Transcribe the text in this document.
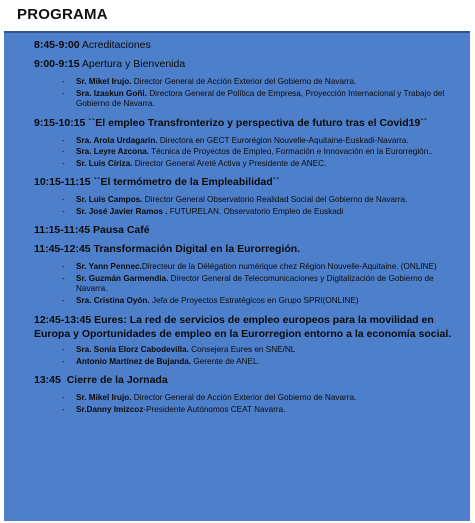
PROGRAMA
8:45-9:00 Acreditaciones
9:00-9:15 Apertura y Bienvenida
- Sr. Mikel Irujo. Director General de Acción Exterior del Gobierno de Navarra.
- Sra. Izaskun Goñi. Directora General de Política de Empresa, Proyección Internacional y Trabajo del Gobierno de Navarra.
9:15-10:15 ``El empleo Transfronterizo y perspectiva de futuro tras el Covid19``
- Sra. Arola Urdagarin. Directora en GECT Eurorégion Nouvelle-Aquitaine-Euskadi-Navarra.
- Sra. Leyre Azcona. Técnica de Proyectos de Empleo, Formación e Innovación en la Eurorregión..
- Sr. Luis Ciriza. Director General Areté Activa y Presidente de ANEC.
10:15-11:15 ``El termómetro de la Empleabilidad``
- Sr. Luis Campos. Director General Observatorio Realidad Social del Gobierno de Navarra.
- Sr. José Javier Ramos . FUTURELAN. Observatorio Empleo de Euskadi
11:15-11:45 Pausa Café
11:45-12:45 Transformación Digital en la Eurorregión.
- Sr. Yann Pennec.Directeur de la Délégation numérique chez Région Nouvelle-Aquitaine. (ONLINE)
- Sr. Guzmán Garmendia. Director General de Telecomunicaciones y Digitalización de Gobierno de Navarra.
- Sra. Cristina Oyón. Jefa de Proyectos Estratégicos en Grupo SPRI(ONLINE)
12:45-13:45 Eures: La red de servicios de empleo europeos para la movilidad en Europa y Oportunidades de empleo en la Eurorregion entorno a la economía social.
- Sra. Sonia Elorz Cabodevilla. Consejera Eures en SNE/NL
- Antonio Martínez de Bujanda. Gerente de ANEL.
13:45 Cierre de la Jornada
- Sr. Mikel Irujo. Director General de Acción Exterior del Gobierno de Navarra.
- Sr.Danny Imizcoz-Presidente Autónomos CEAT Navarra.
